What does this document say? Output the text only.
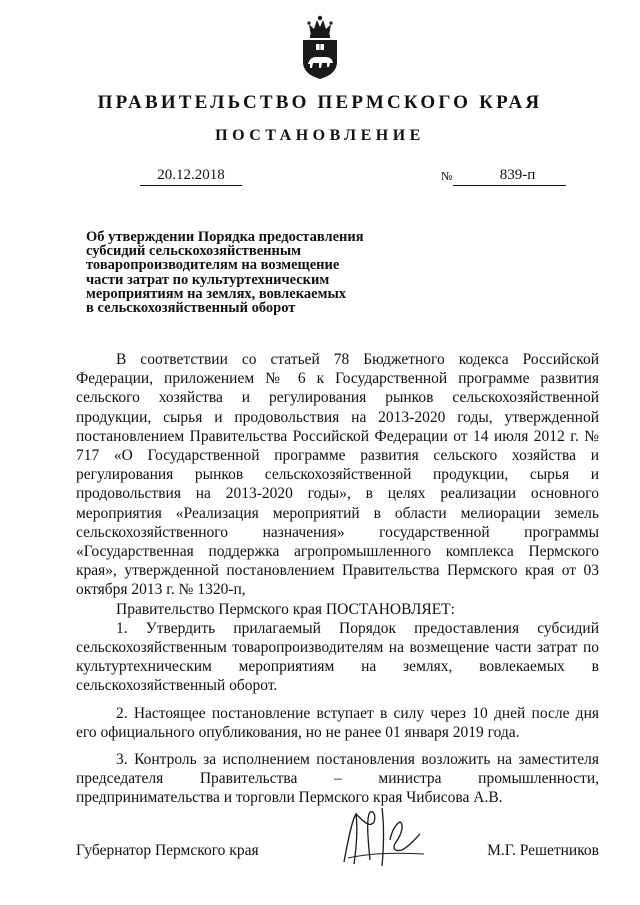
ПРАВИТЕЛЬСТВО ПЕРМСКОГО КРАЯ
ПОСТАНОВЛЕНИЕ
20.12.2018	№	839-п
Об утверждении Порядка предоставления
субсидий сельскохозяйственным
товаропроизводителям на возмещение
части затрат по культуртехническим
мероприятиям на землях, вовлекаемых
в сельскохозяйственный оборот

В соответствии со статьей 78 Бюджетного кодекса Российской Федерации, приложением № 6 к Государственной программе развития сельского хозяйства и регулирования рынков сельскохозяйственной продукции, сырья и продовольствия на 2013-2020 годы, утвержденной постановлением Правительства Российской Федерации от 14 июля 2012 г. № 717 «О Государственной программе развития сельского хозяйства и регулирования рынков сельскохозяйственной продукции, сырья и продовольствия на 2013-2020 годы», в целях реализации основного мероприятия «Реализация мероприятий в области мелиорации земель сельскохозяйственного назначения» государственной программы «Государственная поддержка агропромышленного комплекса Пермского края», утвержденной постановлением Правительства Пермского края от 03 октября 2013 г. № 1320-п,

Правительство Пермского края ПОСТАНОВЛЯЕТ:

1. Утвердить прилагаемый Порядок предоставления субсидий сельскохозяйственным товаропроизводителям на возмещение части затрат по культуртехническим мероприятиям на землях, вовлекаемых в сельскохозяйственный оборот.

2. Настоящее постановление вступает в силу через 10 дней после дня его официального опубликования, но не ранее 01 января 2019 года.

3. Контроль за исполнением постановления возложить на заместителя председателя Правительства – министра промышленности, предпринимательства и торговли Пермского края Чибисова А.В.

Губернатор Пермского края	М.Г. Решетников
